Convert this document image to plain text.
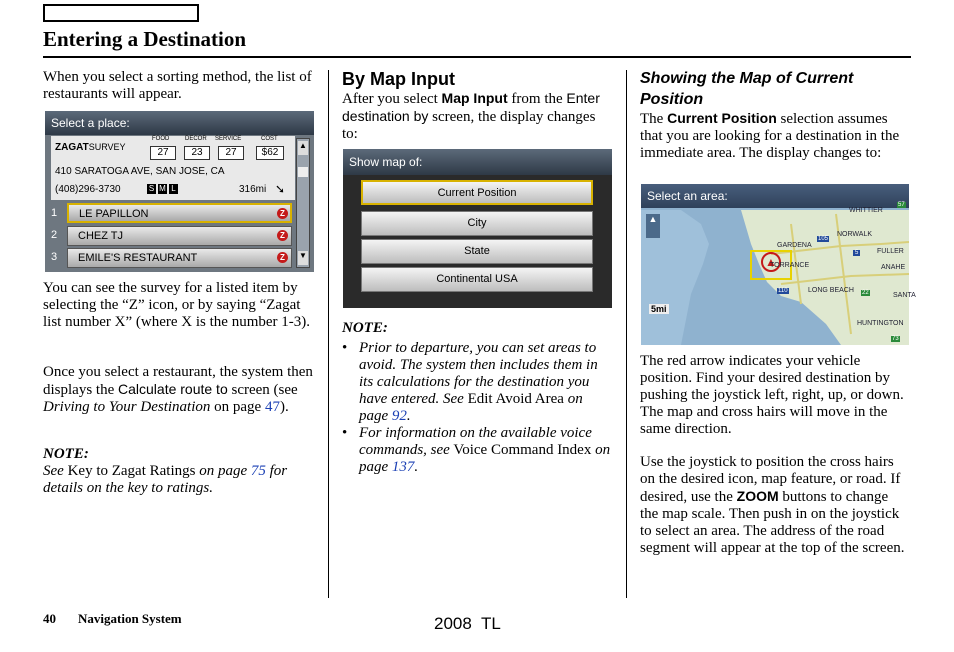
Entering a Destination

When you select a sorting method, the list of restaurants will appear.

Select a place:
ZAGATSURVEY
FOOD	DECOR SERVICE	COST
27	23	27	$62
410 SARATOGA AVE, SAN JOSE, CA
(408)296-3730	S M L	316mi ➘
▲
▼
1	LE PAPILLON	Z
2	CHEZ TJ	Z
3	EMILE'S RESTAURANT	Z

You can see the survey for a listed item by selecting the “Z” icon, or by saying “Zagat list number X” (where X is the number 1-3).

Once you select a restaurant, the system then displays the Calculate route to screen (see Driving to Your Destination on page 47).

NOTE:

See Key to Zagat Ratings on page 75 for details on the key to ratings.

By Map Input

After you select Map Input from the Enter destination by screen, the display changes to:

Show map of:
Current Position
City
State
Continental USA

NOTE:

• Prior to departure, you can set areas to avoid. The system then includes them in its calculations for the destination you have entered. See Edit Avoid Area on page 92.
• For information on the available voice commands, see Voice Command Index on page 137.
Showing the Map of Current Position

The Current Position selection assumes that you are looking for a destination in the immediate area. The display changes to:

Select an area:
▲
5mi
▲
WHITTIER
GARDENA
NORWALK
FULLER
ANAHE
TORRANCE
LONG BEACH
SANTA
HUNTINGTON
105
5
110	22
57
73

The red arrow indicates your vehicle position. Find your desired destination by pushing the joystick left, right, up, or down. The map and cross hairs will move in the same direction.

Use the joystick to position the cross hairs on the desired icon, map feature, or road. If desired, use the ZOOM buttons to change the map scale. Then push in on the joystick to select an area. The address of the road segment will appear at the top of the screen.

40 Navigation System	2008  TL
